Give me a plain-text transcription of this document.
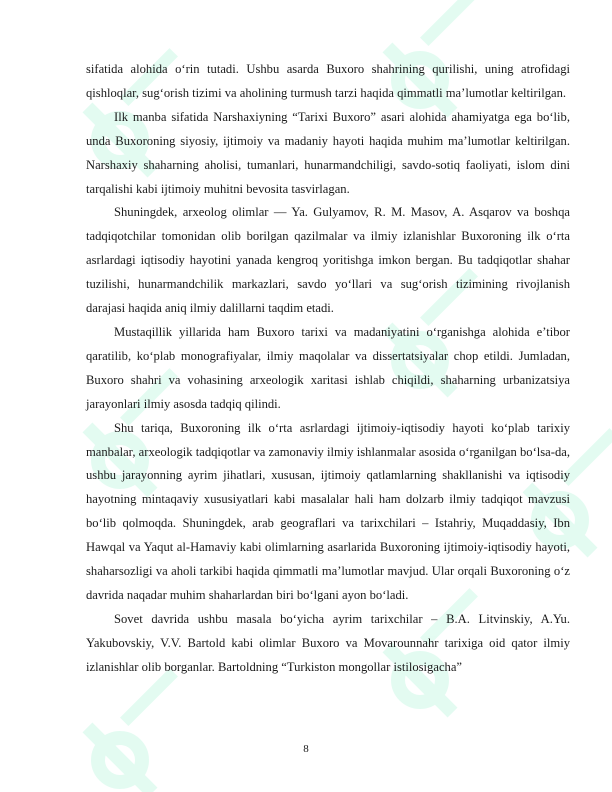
sifatida alohida o‘rin tutadi. Ushbu asarda Buxoro shahrining qurilishi, uning atrofidagi qishloqlar, sug‘orish tizimi va aholining turmush tarzi haqida qimmatli ma’lumotlar keltirilgan.

Ilk manba sifatida Narshaxiyning “Tarixi Buxoro” asari alohida ahamiyatga ega bo‘lib, unda Buxoroning siyosiy, ijtimoiy va madaniy hayoti haqida muhim ma’lumotlar keltirilgan. Narshaxiy shaharning aholisi, tumanlari, hunarmandchiligi, savdo-sotiq faoliyati, islom dini tarqalishi kabi ijtimoiy muhitni bevosita tasvirlagan.

Shuningdek, arxeolog olimlar — Ya. Gulyamov, R. M. Masov, A. Asqarov va boshqa tadqiqotchilar tomonidan olib borilgan qazilmalar va ilmiy izlanishlar Buxoroning ilk o‘rta asrlardagi iqtisodiy hayotini yanada kengroq yoritishga imkon bergan. Bu tadqiqotlar shahar tuzilishi, hunarmandchilik markazlari, savdo yo‘llari va sug‘orish tizimining rivojlanish darajasi haqida aniq ilmiy dalillarni taqdim etadi.

Mustaqillik yillarida ham Buxoro tarixi va madaniyatini o‘rganishga alohida e’tibor qaratilib, ko‘plab monografiyalar, ilmiy maqolalar va dissertatsiyalar chop etildi. Jumladan, Buxoro shahri va vohasining arxeologik xaritasi ishlab chiqildi, shaharning urbanizatsiya jarayonlari ilmiy asosda tadqiq qilindi.

Shu tariqa, Buxoroning ilk o‘rta asrlardagi ijtimoiy-iqtisodiy hayoti ko‘plab tarixiy manbalar, arxeologik tadqiqotlar va zamonaviy ilmiy ishlanmalar asosida o‘rganilgan bo‘lsa-da, ushbu jarayonning ayrim jihatlari, xususan, ijtimoiy qatlamlarning shakllanishi va iqtisodiy hayotning mintaqaviy xususiyatlari kabi masalalar hali ham dolzarb ilmiy tadqiqot mavzusi bo‘lib qolmoqda. Shuningdek, arab geograflari va tarixchilari – Istahriy, Muqaddasiy, Ibn Hawqal va Yaqut al-Hamaviy kabi olimlarning asarlarida Buxoroning ijtimoiy-iqtisodiy hayoti, shaharsozligi va aholi tarkibi haqida qimmatli ma’lumotlar mavjud. Ular orqali Buxoroning o‘z davrida naqadar muhim shaharlardan biri bo‘lgani ayon bo‘ladi.

Sovet davrida ushbu masala bo‘yicha ayrim tarixchilar – B.A. Litvinskiy, A.Yu. Yakubovskiy, V.V. Bartold kabi olimlar Buxoro va Movarounnahr tarixiga oid qator ilmiy izlanishlar olib borganlar. Bartoldning “Turkiston mongollar istilosigacha”

8
